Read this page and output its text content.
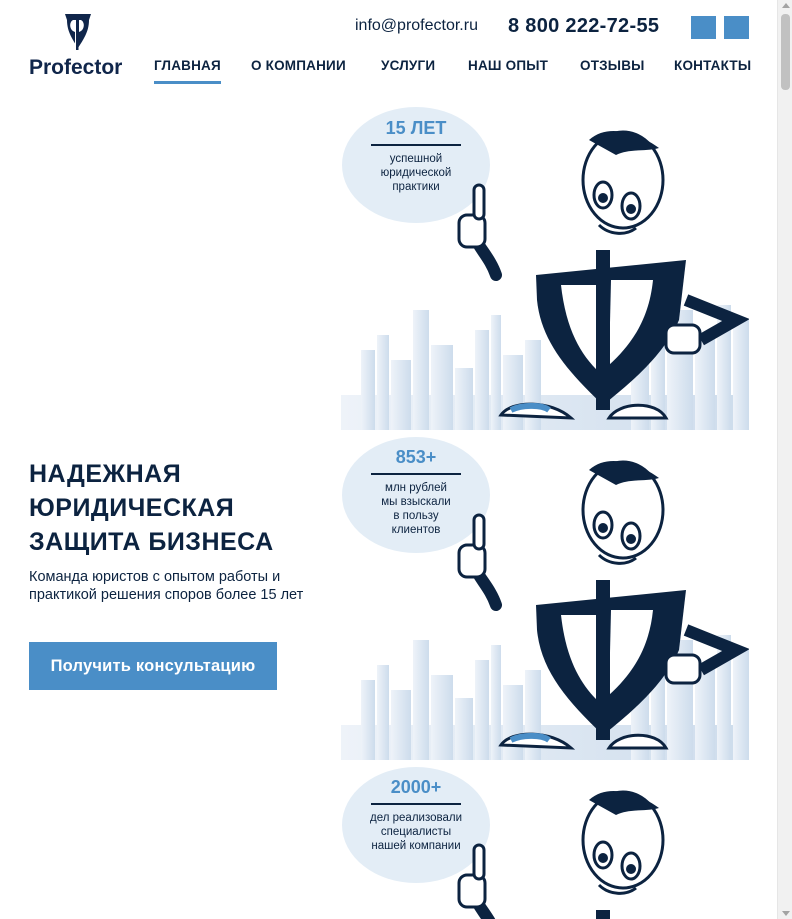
Profector
info@profector.ru 8 800 222-72-55
ГЛАВНАЯ О КОМПАНИИ	УСЛУГИ НАШ ОПЫТ ОТЗЫВЫ КОНТАКТЫ
НАДЕЖНАЯ
ЮРИДИЧЕСКАЯ
ЗАЩИТА БИЗНЕСА

Команда юристов с опытом работы и практикой решения споров более 15 лет

Получить консультацию
15 ЛЕТ
успешной
юридической
практики
853+
млн рублей
мы взыскали
в пользу
клиентов
2000+
дел реализовали
специалисты
нашей компании
